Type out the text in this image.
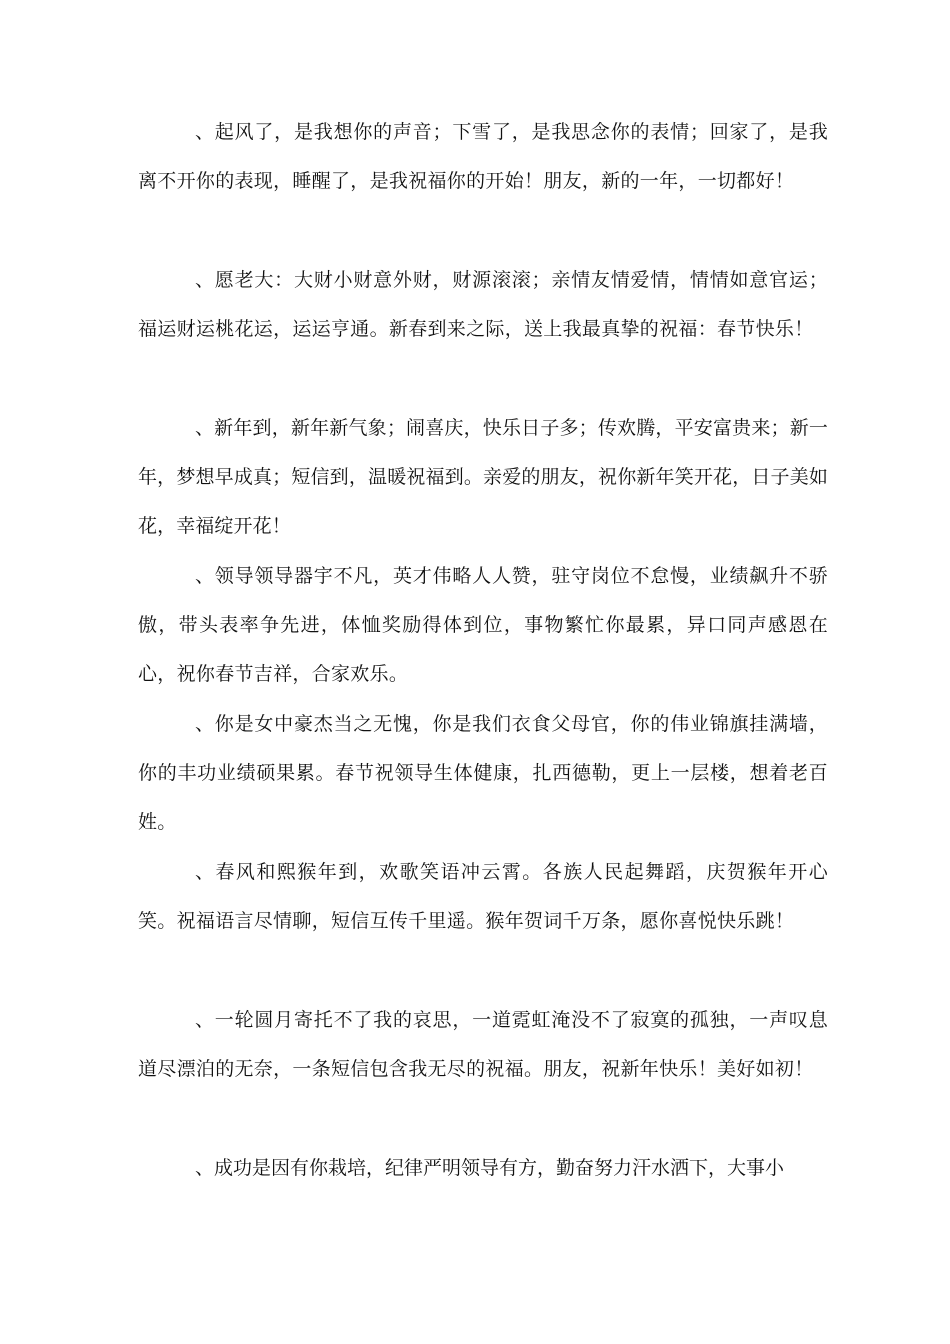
、起风了，是我想你的声音；下雪了，是我思念你的表情；回家了，是我离不开你的表现，睡醒了，是我祝福你的开始！朋友，新的一年，一切都好！

、愿老大：大财小财意外财，财源滚滚；亲情友情爱情，情情如意官运；福运财运桃花运，运运亨通。新春到来之际，送上我最真挚的祝福：春节快乐！

、新年到，新年新气象；闹喜庆，快乐日子多；传欢腾，平安富贵来；新一年，梦想早成真；短信到，温暖祝福到。亲爱的朋友，祝你新年笑开花，日子美如花，幸福绽开花！

、领导领导器宇不凡，英才伟略人人赞，驻守岗位不怠慢，业绩飙升不骄傲，带头表率争先进，体恤奖励得体到位，事物繁忙你最累，异口同声感恩在心，祝你春节吉祥，合家欢乐。

、你是女中豪杰当之无愧，你是我们衣食父母官，你的伟业锦旗挂满墙，你的丰功业绩硕果累。春节祝领导生体健康，扎西德勒，更上一层楼，想着老百姓。

、春风和熙猴年到，欢歌笑语冲云霄。各族人民起舞蹈，庆贺猴年开心笑。祝福语言尽情聊，短信互传千里遥。猴年贺词千万条，愿你喜悦快乐跳！

、一轮圆月寄托不了我的哀思，一道霓虹淹没不了寂寞的孤独，一声叹息道尽漂泊的无奈，一条短信包含我无尽的祝福。朋友，祝新年快乐！美好如初！

、成功是因有你栽培，纪律严明领导有方，勤奋努力汗水洒下，大事小
